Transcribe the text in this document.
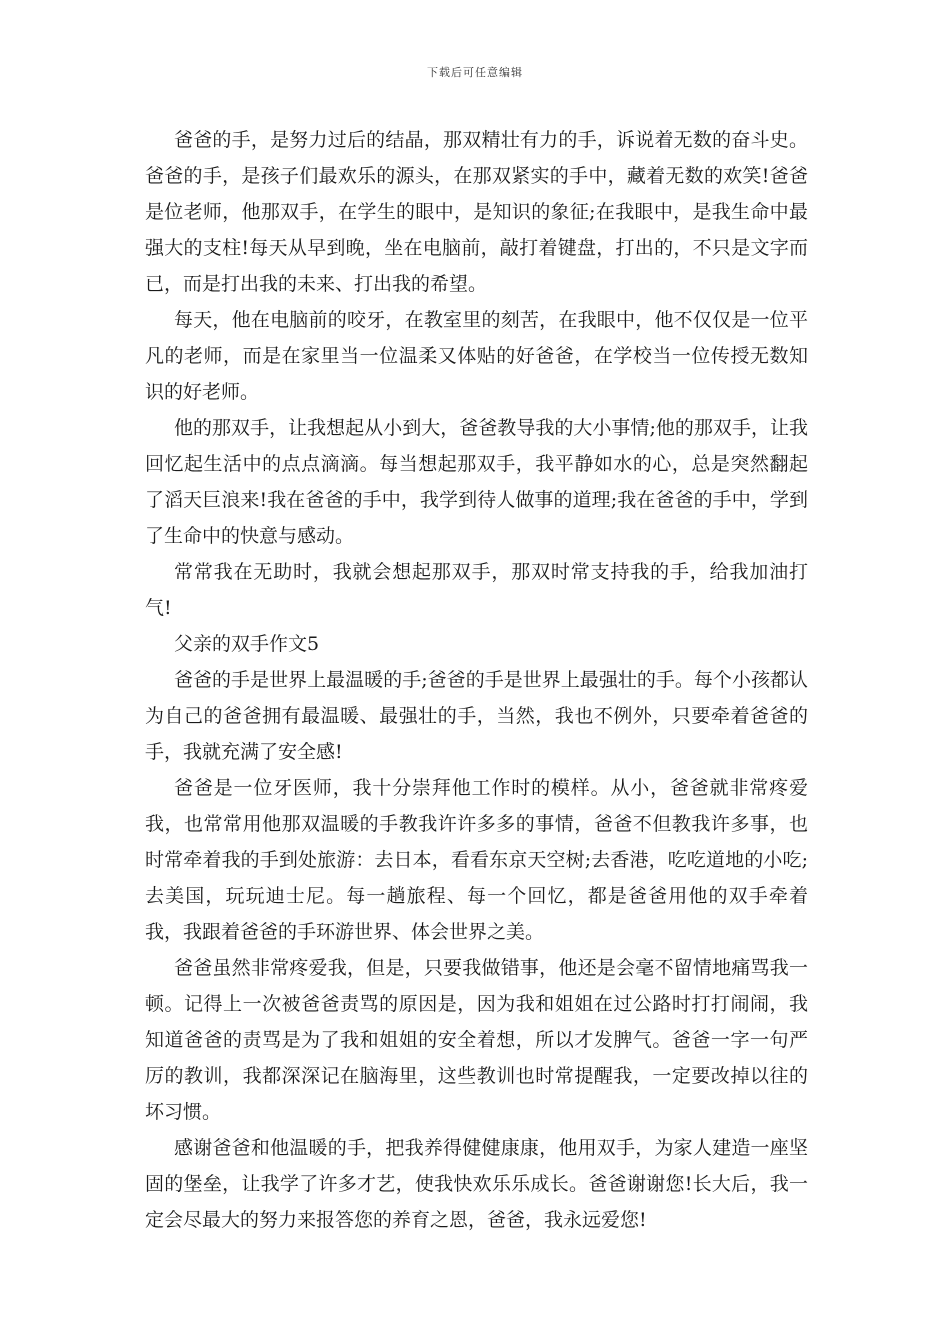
下载后可任意编辑

爸爸的手，是努力过后的结晶，那双精壮有力的手，诉说着无数的奋斗史。爸爸的手，是孩子们最欢乐的源头，在那双紧实的手中，藏着无数的欢笑!爸爸是位老师，他那双手，在学生的眼中，是知识的象征;在我眼中，是我生命中最强大的支柱!每天从早到晚，坐在电脑前，敲打着键盘，打出的，不只是文字而已，而是打出我的未来、打出我的希望。

每天，他在电脑前的咬牙，在教室里的刻苦，在我眼中，他不仅仅是一位平凡的老师，而是在家里当一位温柔又体贴的好爸爸，在学校当一位传授无数知识的好老师。

他的那双手，让我想起从小到大，爸爸教导我的大小事情;他的那双手，让我回忆起生活中的点点滴滴。每当想起那双手，我平静如水的心，总是突然翻起了滔天巨浪来!我在爸爸的手中，我学到待人做事的道理;我在爸爸的手中，学到了生命中的快意与感动。

常常我在无助时，我就会想起那双手，那双时常支持我的手，给我加油打气!

父亲的双手作文5

爸爸的手是世界上最温暖的手;爸爸的手是世界上最强壮的手。每个小孩都认为自己的爸爸拥有最温暖、最强壮的手，当然，我也不例外，只要牵着爸爸的手，我就充满了安全感!

爸爸是一位牙医师，我十分崇拜他工作时的模样。从小，爸爸就非常疼爱我，也常常用他那双温暖的手教我许许多多的事情，爸爸不但教我许多事，也时常牵着我的手到处旅游：去日本，看看东京天空树;去香港，吃吃道地的小吃;去美国，玩玩迪士尼。每一趟旅程、每一个回忆，都是爸爸用他的双手牵着我，我跟着爸爸的手环游世界、体会世界之美。

爸爸虽然非常疼爱我，但是，只要我做错事，他还是会毫不留情地痛骂我一顿。记得上一次被爸爸责骂的原因是，因为我和姐姐在过公路时打打闹闹，我知道爸爸的责骂是为了我和姐姐的安全着想，所以才发脾气。爸爸一字一句严厉的教训，我都深深记在脑海里，这些教训也时常提醒我，一定要改掉以往的坏习惯。

感谢爸爸和他温暖的手，把我养得健健康康，他用双手，为家人建造一座坚固的堡垒，让我学了许多才艺，使我快欢乐乐成长。爸爸谢谢您!长大后，我一定会尽最大的努力来报答您的养育之恩，爸爸，我永远爱您!
